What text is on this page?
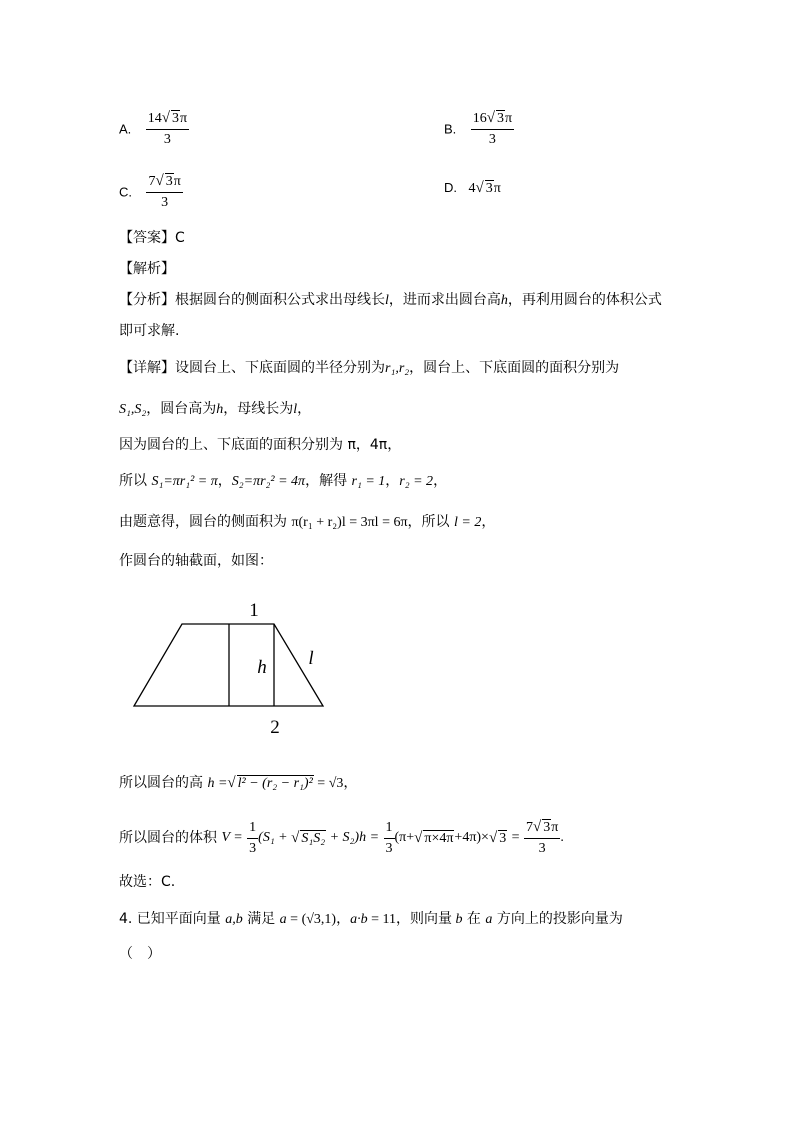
A. $\frac{14√ 3\pi}{3}$	B. $\frac{16√ 3\pi}{3}$
C. $\frac{7√ 3\pi}{3}$	D. 4√ 3π
【答案】C
【解析】
【分析】根据圆台的侧面积公式求出母线长l，进而求出圆台高h，再利用圆台的体积公式
即可求解.
【详解】设圆台上、下底面圆的半径分别为r₁,r₂，圆台上、下底面圆的面积分别为
S₁,S₂，圆台高为h，母线长为l，
因为圆台的上、下底面的面积分别为 π，4π，
所以 S₁=πr₁² = π，S₂=πr₂² = 4π，解得 r₁ = 1，r₂ = 2，
由题意得，圆台的侧面积为 π(r₁ + r₂)l = 3πl = 6π，所以 l = 2，
作圆台的轴截面，如图：
1
2
h l
所以圆台的高 h =√ l² − (r₂ − r₁)² = √3，
所以圆台的体积 $V = \frac{1}{3} (S_1$ + √ $S_1S_2 + S_2)h = \frac{1}{3} (\pi+√$ π×4π+4π)×√ $3 = \frac{7√ 3\pi}{3}$ .
故选：C.
4. 已知平面向量 a,b 满足 a = (√3,1)，a·b = 11，则向量 b 在 a 方向上的投影向量为
（　）
